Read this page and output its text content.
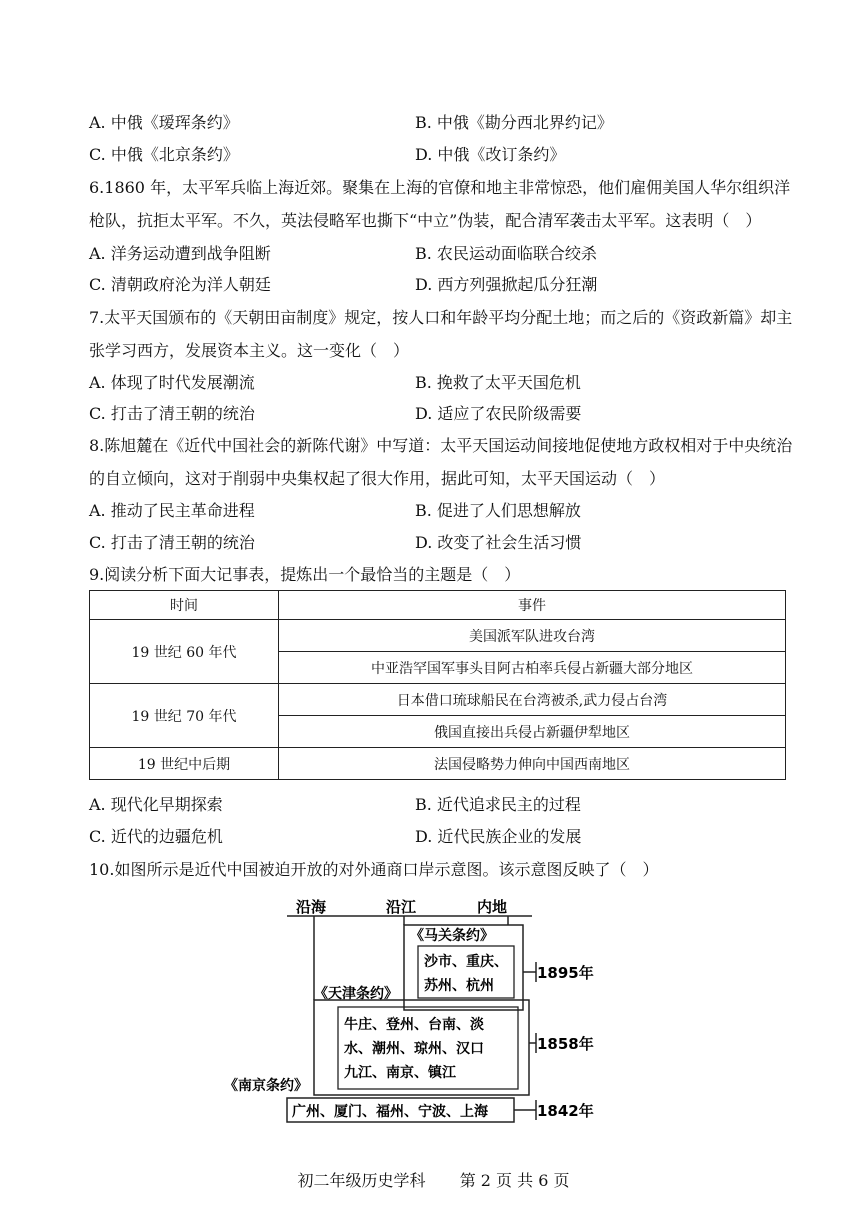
A. 中俄《瑷珲条约》	B. 中俄《勘分西北界约记》
C. 中俄《北京条约》	D. 中俄《改订条约》
6.1860 年，太平军兵临上海近郊。聚集在上海的官僚和地主非常惊恐，他们雇佣美国人华尔组织洋
枪队，抗拒太平军。不久，英法侵略军也撕下“中立”伪装，配合清军袭击太平军。这表明（　）
A. 洋务运动遭到战争阻断	B. 农民运动面临联合绞杀
C. 清朝政府沦为洋人朝廷	D. 西方列强掀起瓜分狂潮
7.太平天国颁布的《天朝田亩制度》规定，按人口和年龄平均分配土地；而之后的《资政新篇》却主
张学习西方，发展资本主义。这一变化（　）
A. 体现了时代发展潮流	B. 挽救了太平天国危机
C. 打击了清王朝的统治	D. 适应了农民阶级需要
8.陈旭麓在《近代中国社会的新陈代谢》中写道：太平天国运动间接地促使地方政权相对于中央统治
的自立倾向，这对于削弱中央集权起了很大作用，据此可知，太平天国运动（　）
A. 推动了民主革命进程	B. 促进了人们思想解放
C. 打击了清王朝的统治	D. 改变了社会生活习惯
9.阅读分析下面大记事表，提炼出一个最恰当的主题是（　）
时间	事件
19 世纪 60 年代	美国派军队进攻台湾
	中亚浩罕国军事头目阿古柏率兵侵占新疆大部分地区
19 世纪 70 年代	日本借口琉球船民在台湾被杀,武力侵占台湾
	俄国直接出兵侵占新疆伊犁地区
19 世纪中后期	法国侵略势力伸向中国西南地区
A. 现代化早期探索	B. 近代追求民主的过程
C. 近代的边疆危机	D. 近代民族企业的发展
10.如图所示是近代中国被迫开放的对外通商口岸示意图。该示意图反映了（　）
沿海	沿江	内地
《马关条约》
沙市、重庆、
苏州、杭州
1895年
《天津条约》
牛庄、登州、台南、淡
水、潮州、琼州、汉口
九江、南京、镇江
1858年
《南京条约》
广州、厦门、福州、宁波、上海	1842年
初二年级历史学科 第 2 页 共 6 页
